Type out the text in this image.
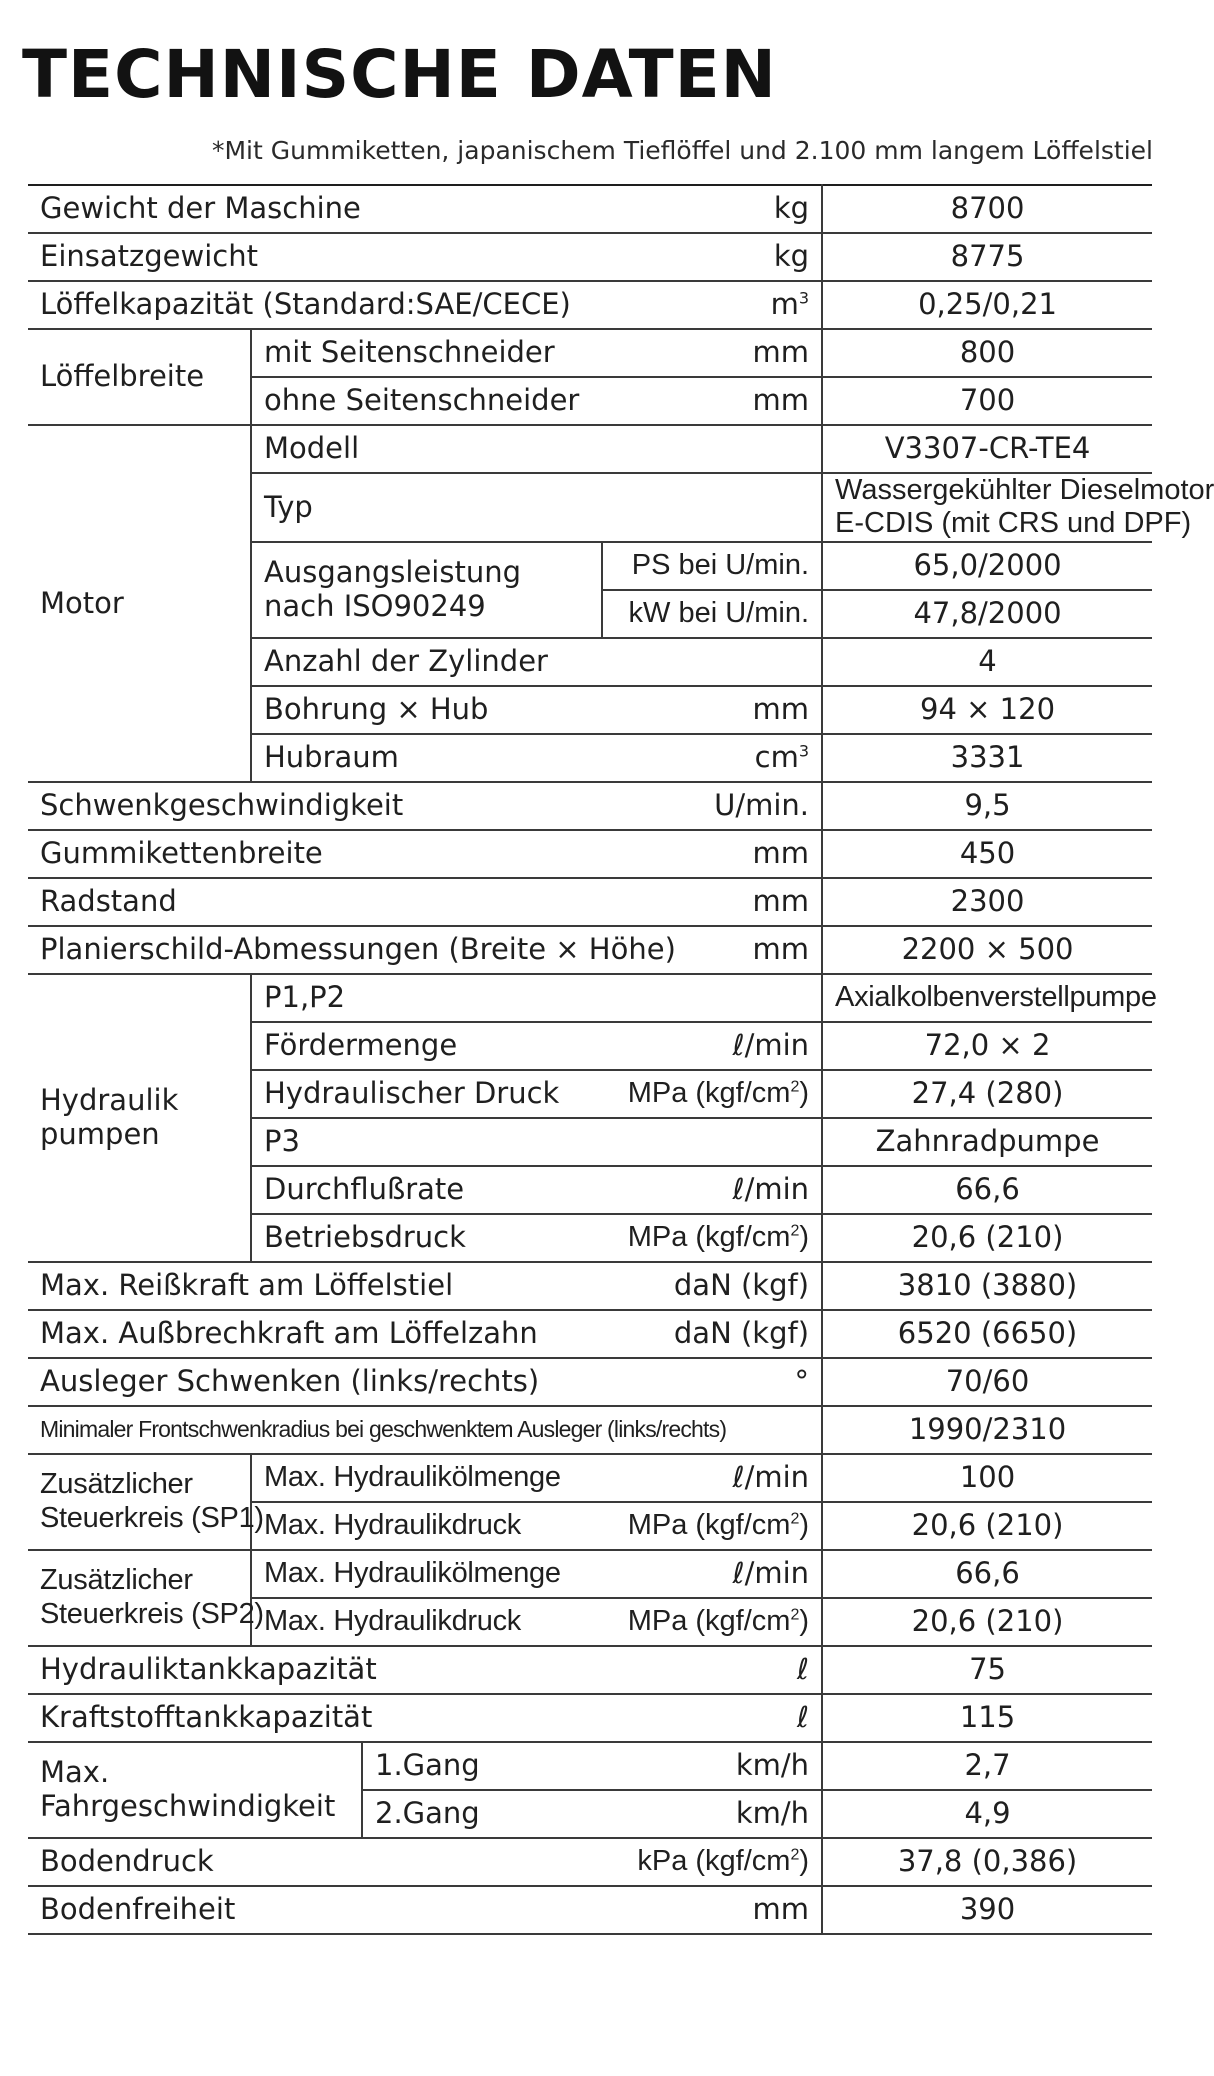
TECHNISCHE DATEN

*Mit Gummiketten, japanischem Tieflöffel und 2.100 mm langem Löffelstiel

Gewicht der Maschine			kg	8700
Einsatzgewicht			kg	8775
Löffelkapazität (Standard:SAE/CECE)			$m^3$	0,25/0,21
Löffelbreite	mit Seitenschneider		mm	800
	ohne Seitenschneider		mm	700
Motor	Modell			V3307-CR-TE4
	Typ			Wassergekühlter Dieselmotor
E-CDIS (mit CRS und DPF)
	Ausgangsleistung
nach ISO90249		PS bei U/min.	65,0/2000
			kW bei U/min.	47,8/2000
	Anzahl der Zylinder			4
	Bohrung × Hub		mm	94 × 120
	Hubraum		$cm^3$	3331
Schwenkgeschwindigkeit			U/min.	9,5
Gummikettenbreite			mm	450
Radstand			mm	2300
Planierschild-Abmessungen (Breite × Höhe)			mm	2200 × 500
Hydraulik
pumpen	P1,P2			Axialkolbenverstellpumpe
	Fördermenge		ℓ/min	72,0 × 2
	Hydraulischer Druck		MPa $(kgf/cm^2)$	27,4 (280)
	P3			Zahnradpumpe
	Durchflußrate		ℓ/min	66,6
	Betriebsdruck		MPa $(kgf/cm^2)$	20,6 (210)
Max. Reißkraft am Löffelstiel			daN (kgf)	3810 (3880)
Max. Außbrechkraft am Löffelzahn			daN (kgf)	6520 (6650)
Ausleger Schwenken (links/rechts)			°	70/60
Minimaler Frontschwenkradius bei geschwenktem Ausleger (links/rechts)				1990/2310
Zusätzlicher
Steuerkreis (SP1)	Max. Hydraulikölmenge		ℓ/min	100
	Max. Hydraulikdruck		MPa $(kgf/cm^2)$	20,6 (210)
Zusätzlicher
Steuerkreis (SP2)	Max. Hydraulikölmenge		ℓ/min	66,6
	Max. Hydraulikdruck		MPa $(kgf/cm^2)$	20,6 (210)
Hydrauliktankkapazität			ℓ	75
Kraftstofftankkapazität			ℓ	115
Max.
Fahrgeschwindigkeit		1.Gang	km/h	2,7
		2.Gang	km/h	4,9
Bodendruck			kPa $(kgf/cm^2)$	37,8 (0,386)
Bodenfreiheit			mm	390
